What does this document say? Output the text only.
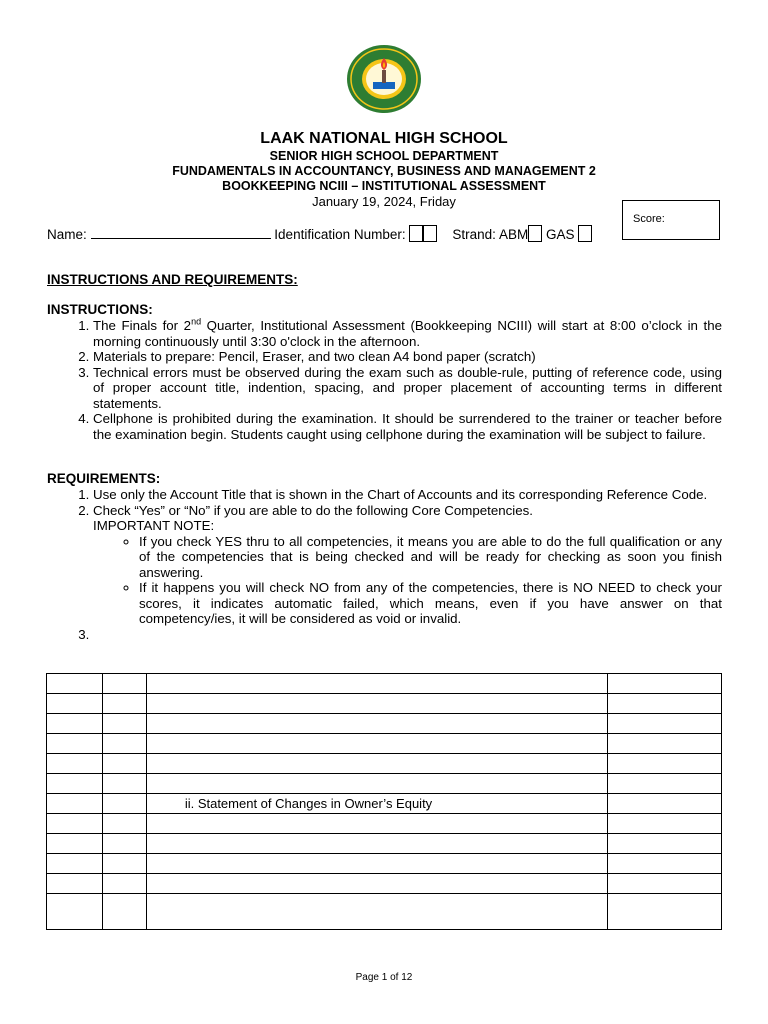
LAAK NATIONAL HIGH SCHOOL
SENIOR HIGH SCHOOL DEPARTMENT
FUNDAMENTALS IN ACCOUNTANCY, BUSINESS AND MANAGEMENT 2
BOOKKEEPING NCIII – INSTITUTIONAL ASSESSMENT
January 19, 2024, Friday
Score:
Name:	Identification Number:	Strand: ABM GAS
INSTRUCTIONS AND REQUIREMENTS:
INSTRUCTIONS:
1. The Finals for 2nd Quarter, Institutional Assessment (Bookkeeping NCIII) will start at 8:00 o’clock in the morning continuously until 3:30 o'clock in the afternoon.
2. Materials to prepare: Pencil, Eraser, and two clean A4 bond paper (scratch)
3. Technical errors must be observed during the exam such as double-rule, putting of reference code, using of proper account title, indention, spacing, and proper placement of accounting terms in different statements.
4. Cellphone is prohibited during the examination. It should be surrendered to the trainer or teacher before the examination begin. Students caught using cellphone during the examination will be subject to failure.
REQUIREMENTS:
1. Use only the Account Title that is shown in the Chart of Accounts and its corresponding Reference Code.
2. Check “Yes” or “No” if you are able to do the following Core Competencies.
IMPORTANT NOTE:
◦ If you check YES thru to all competencies, it means you are able to do the full qualification or any of the competencies that is being checked and will be ready for checking as soon you finish answering.
◦ If it happens you will check NO from any of the competencies, there is NO NEED to check your scores, it indicates automatic failed, which means, even if you have answer on that competency/ies, it will be considered as void or invalid.
3.

		ii. Statement of Changes in Owner’s Equity	

Page 1 of 12
